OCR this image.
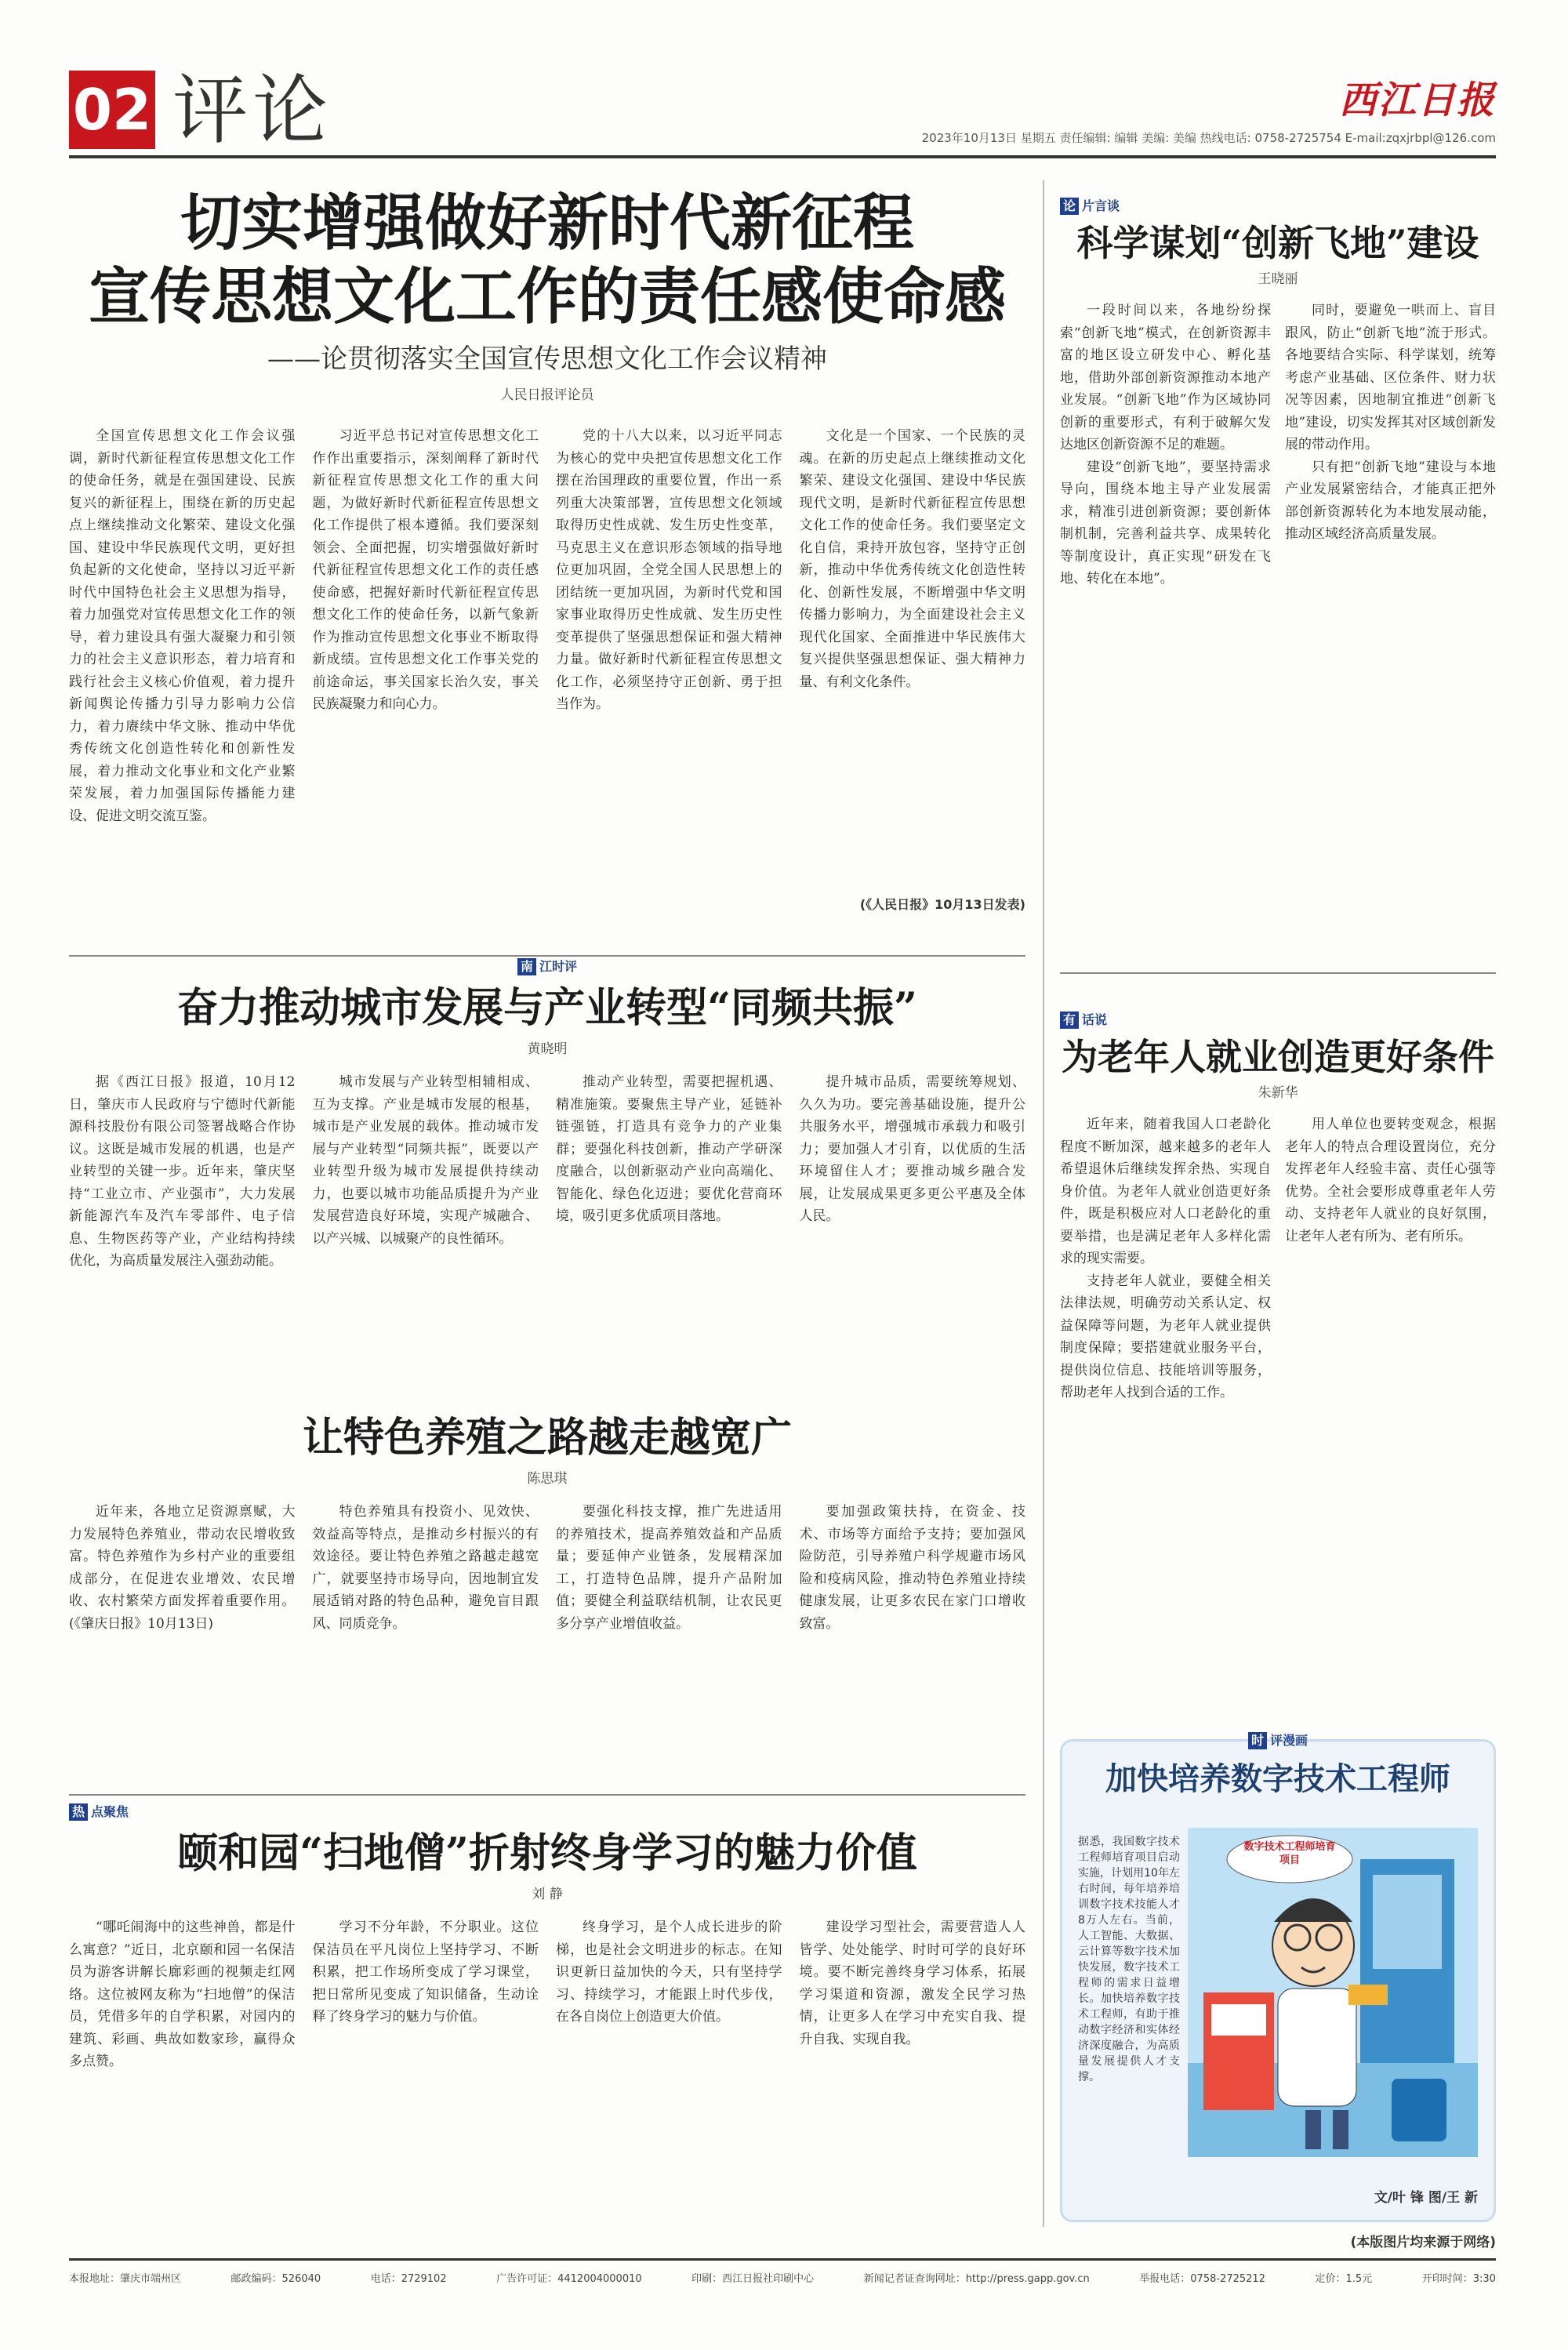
02 评论	西江日报
2023年10月13日 星期五 责任编辑: 编辑 美编: 美编 热线电话: 0758-2725754 E-mail:zqxjrbpl@126.com
切实增强做好新时代新征程
宣传思想文化工作的责任感使命感
——论贯彻落实全国宣传思想文化工作会议精神
人民日报评论员

全国宣传思想文化工作会议强调，新时代新征程宣传思想文化工作的使命任务，就是在强国建设、民族复兴的新征程上，围绕在新的历史起点上继续推动文化繁荣、建设文化强国、建设中华民族现代文明，更好担负起新的文化使命，坚持以习近平新时代中国特色社会主义思想为指导，着力加强党对宣传思想文化工作的领导，着力建设具有强大凝聚力和引领力的社会主义意识形态，着力培育和践行社会主义核心价值观，着力提升新闻舆论传播力引导力影响力公信力，着力赓续中华文脉、推动中华优秀传统文化创造性转化和创新性发展，着力推动文化事业和文化产业繁荣发展，着力加强国际传播能力建设、促进文明交流互鉴。

习近平总书记对宣传思想文化工作作出重要指示，深刻阐释了新时代新征程宣传思想文化工作的重大问题，为做好新时代新征程宣传思想文化工作提供了根本遵循。我们要深刻领会、全面把握，切实增强做好新时代新征程宣传思想文化工作的责任感使命感，把握好新时代新征程宣传思想文化工作的使命任务，以新气象新作为推动宣传思想文化事业不断取得新成绩。宣传思想文化工作事关党的前途命运，事关国家长治久安，事关民族凝聚力和向心力。

党的十八大以来，以习近平同志为核心的党中央把宣传思想文化工作摆在治国理政的重要位置，作出一系列重大决策部署，宣传思想文化领域取得历史性成就、发生历史性变革，马克思主义在意识形态领域的指导地位更加巩固，全党全国人民思想上的团结统一更加巩固，为新时代党和国家事业取得历史性成就、发生历史性变革提供了坚强思想保证和强大精神力量。做好新时代新征程宣传思想文化工作，必须坚持守正创新、勇于担当作为。

文化是一个国家、一个民族的灵魂。在新的历史起点上继续推动文化繁荣、建设文化强国、建设中华民族现代文明，是新时代新征程宣传思想文化工作的使命任务。我们要坚定文化自信，秉持开放包容，坚持守正创新，推动中华优秀传统文化创造性转化、创新性发展，不断增强中华文明传播力影响力，为全面建设社会主义现代化国家、全面推进中华民族伟大复兴提供坚强思想保证、强大精神力量、有利文化条件。

(《人民日报》10月13日发表)
南 江时评
奋力推动城市发展与产业转型“同频共振”
黄晓明

据《西江日报》报道，10月12日，肇庆市人民政府与宁德时代新能源科技股份有限公司签署战略合作协议。这既是城市发展的机遇，也是产业转型的关键一步。近年来，肇庆坚持“工业立市、产业强市”，大力发展新能源汽车及汽车零部件、电子信息、生物医药等产业，产业结构持续优化，为高质量发展注入强劲动能。

城市发展与产业转型相辅相成、互为支撑。产业是城市发展的根基，城市是产业发展的载体。推动城市发展与产业转型“同频共振”，既要以产业转型升级为城市发展提供持续动力，也要以城市功能品质提升为产业发展营造良好环境，实现产城融合、以产兴城、以城聚产的良性循环。

推动产业转型，需要把握机遇、精准施策。要聚焦主导产业，延链补链强链，打造具有竞争力的产业集群；要强化科技创新，推动产学研深度融合，以创新驱动产业向高端化、智能化、绿色化迈进；要优化营商环境，吸引更多优质项目落地。

提升城市品质，需要统筹规划、久久为功。要完善基础设施，提升公共服务水平，增强城市承载力和吸引力；要加强人才引育，以优质的生活环境留住人才；要推动城乡融合发展，让发展成果更多更公平惠及全体人民。

让特色养殖之路越走越宽广
陈思琪

近年来，各地立足资源禀赋，大力发展特色养殖业，带动农民增收致富。特色养殖作为乡村产业的重要组成部分，在促进农业增效、农民增收、农村繁荣方面发挥着重要作用。(《肇庆日报》10月13日)

特色养殖具有投资小、见效快、效益高等特点，是推动乡村振兴的有效途径。要让特色养殖之路越走越宽广，就要坚持市场导向，因地制宜发展适销对路的特色品种，避免盲目跟风、同质竞争。

要强化科技支撑，推广先进适用的养殖技术，提高养殖效益和产品质量；要延伸产业链条，发展精深加工，打造特色品牌，提升产品附加值；要健全利益联结机制，让农民更多分享产业增值收益。

要加强政策扶持，在资金、技术、市场等方面给予支持；要加强风险防范，引导养殖户科学规避市场风险和疫病风险，推动特色养殖业持续健康发展，让更多农民在家门口增收致富。

热 点聚焦
颐和园“扫地僧”折射终身学习的魅力价值
刘 静

“哪吒闹海中的这些神兽，都是什么寓意？”近日，北京颐和园一名保洁员为游客讲解长廊彩画的视频走红网络。这位被网友称为“扫地僧”的保洁员，凭借多年的自学积累，对园内的建筑、彩画、典故如数家珍，赢得众多点赞。

学习不分年龄，不分职业。这位保洁员在平凡岗位上坚持学习、不断积累，把工作场所变成了学习课堂，把日常所见变成了知识储备，生动诠释了终身学习的魅力与价值。

终身学习，是个人成长进步的阶梯，也是社会文明进步的标志。在知识更新日益加快的今天，只有坚持学习、持续学习，才能跟上时代步伐，在各自岗位上创造更大价值。

建设学习型社会，需要营造人人皆学、处处能学、时时可学的良好环境。要不断完善终身学习体系，拓展学习渠道和资源，激发全民学习热情，让更多人在学习中充实自我、提升自我、实现自我。

论 片言谈
科学谋划“创新飞地”建设
王晓丽

一段时间以来，各地纷纷探索“创新飞地”模式，在创新资源丰富的地区设立研发中心、孵化基地，借助外部创新资源推动本地产业发展。“创新飞地”作为区域协同创新的重要形式，有利于破解欠发达地区创新资源不足的难题。

建设“创新飞地”，要坚持需求导向，围绕本地主导产业发展需求，精准引进创新资源；要创新体制机制，完善利益共享、成果转化等制度设计，真正实现“研发在飞地、转化在本地”。

同时，要避免一哄而上、盲目跟风，防止“创新飞地”流于形式。各地要结合实际、科学谋划，统筹考虑产业基础、区位条件、财力状况等因素，因地制宜推进“创新飞地”建设，切实发挥其对区域创新发展的带动作用。

只有把“创新飞地”建设与本地产业发展紧密结合，才能真正把外部创新资源转化为本地发展动能，推动区域经济高质量发展。

有 话说
为老年人就业创造更好条件
朱新华

近年来，随着我国人口老龄化程度不断加深，越来越多的老年人希望退休后继续发挥余热、实现自身价值。为老年人就业创造更好条件，既是积极应对人口老龄化的重要举措，也是满足老年人多样化需求的现实需要。

支持老年人就业，要健全相关法律法规，明确劳动关系认定、权益保障等问题，为老年人就业提供制度保障；要搭建就业服务平台，提供岗位信息、技能培训等服务，帮助老年人找到合适的工作。

用人单位也要转变观念，根据老年人的特点合理设置岗位，充分发挥老年人经验丰富、责任心强等优势。全社会要形成尊重老年人劳动、支持老年人就业的良好氛围，让老年人老有所为、老有所乐。

时 评漫画
加快培养数字技术工程师
据悉，我国数字技术工程师培育项目启动实施，计划用10年左右时间，每年培养培训数字技术技能人才8万人左右。当前，人工智能、大数据、云计算等数字技术加快发展，数字技术工程师的需求日益增长。加快培养数字技术工程师，有助于推动数字经济和实体经济深度融合，为高质量发展提供人才支撑。
数字技术工程师培育项目
文/叶 锋 图/王 新
(本版图片均来源于网络)
本报地址：肇庆市端州区	邮政编码：526040	电话：2729102	广告许可证：4412004000010	印刷：西江日报社印刷中心	新闻记者证查询网址：http://press.gapp.gov.cn	举报电话：0758-2725212	定价：1.5元	开印时间：3:30
